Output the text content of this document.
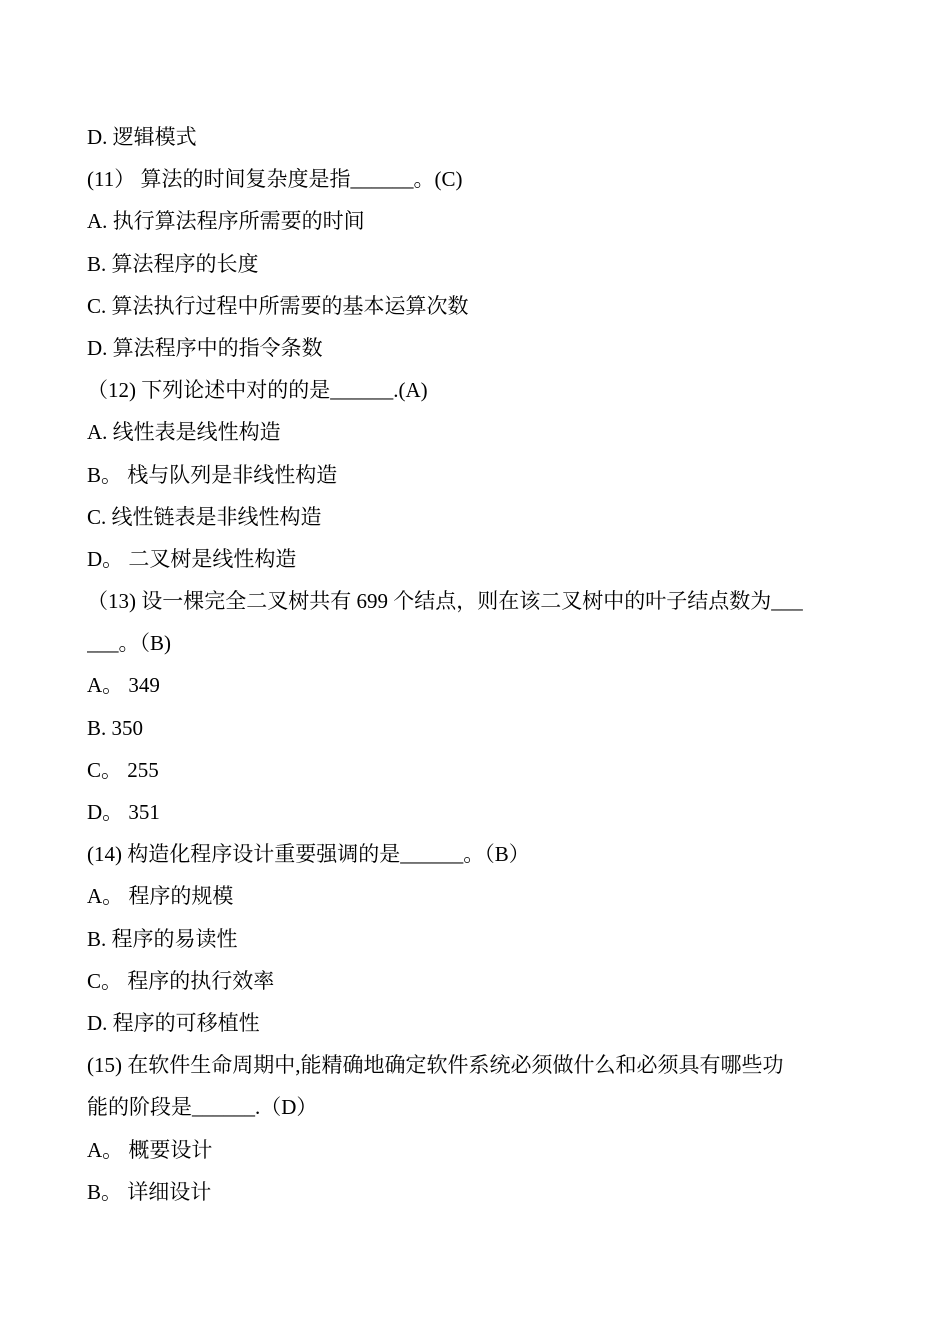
D. 逻辑模式
(11） 算法的时间复杂度是指______。(C)
A. 执行算法程序所需要的时间
B. 算法程序的长度
C. 算法执行过程中所需要的基本运算次数
D. 算法程序中的指令条数
（12) 下列论述中对的的是______.(A)
A. 线性表是线性构造
B。 栈与队列是非线性构造
C. 线性链表是非线性构造
D。 二叉树是线性构造
（13) 设一棵完全二叉树共有 699 个结点，则在该二叉树中的叶子结点数为___
___。（B)
A。 349
B. 350
C。 255
D。 351
(14) 构造化程序设计重要强调的是______。（B）
A。 程序的规模
B. 程序的易读性
C。 程序的执行效率
D. 程序的可移植性
(15) 在软件生命周期中,能精确地确定软件系统必须做什么和必须具有哪些功
能的阶段是______.（D）
A。 概要设计
B。 详细设计
